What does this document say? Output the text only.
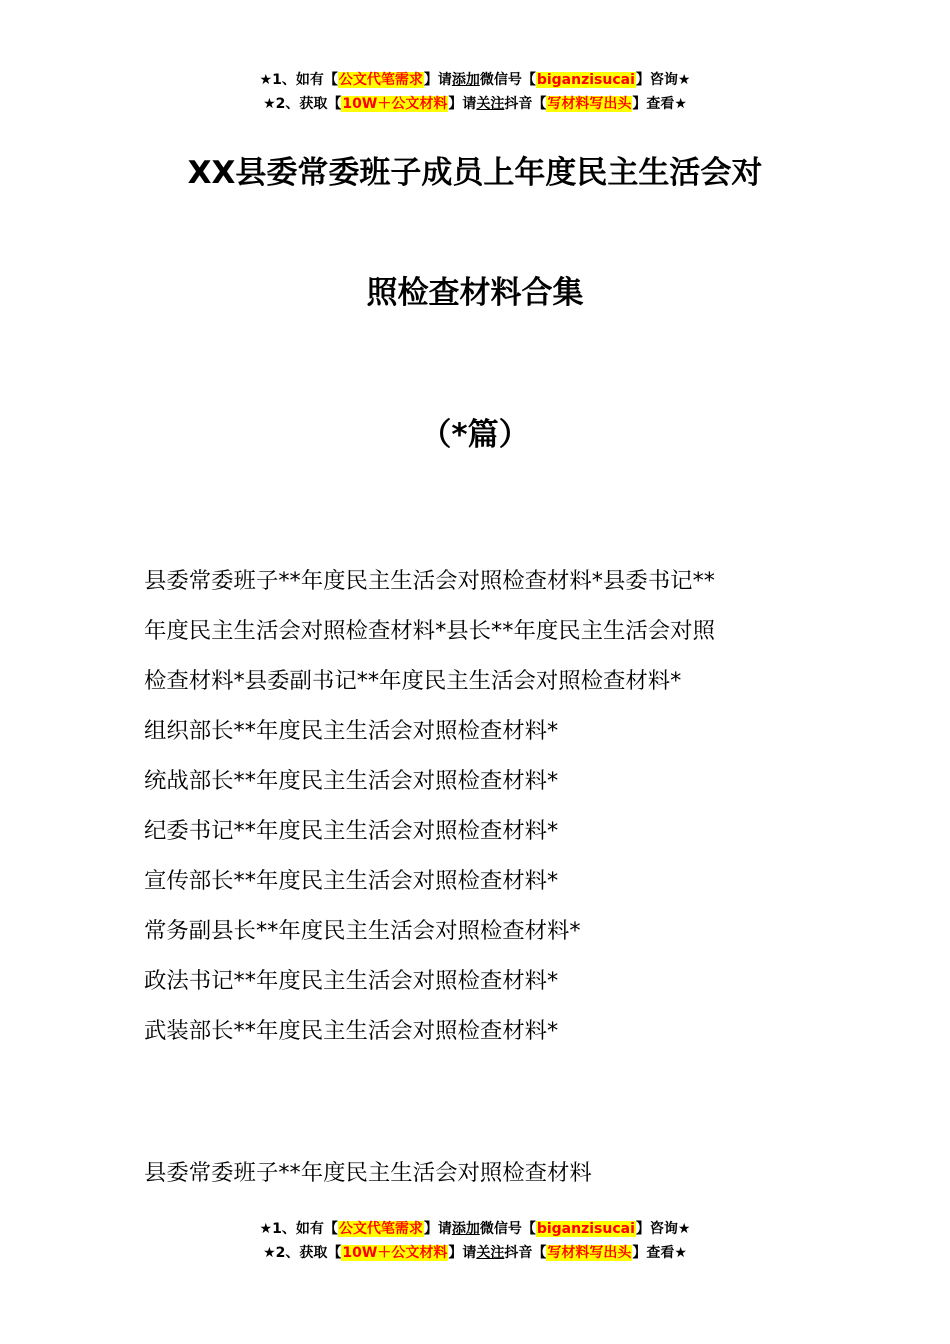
★1、如有【公文代笔需求】请添加微信号【biganzisucai】咨询★
★2、获取【10W＋公文材料】请关注抖音【写材料写出头】查看★
XX县委常委班子成员上年度民主生活会对
照检查材料合集
（*篇）
县委常委班子**年度民主生活会对照检查材料*县委书记**
年度民主生活会对照检查材料*县长**年度民主生活会对照
检查材料*县委副书记**年度民主生活会对照检查材料*
组织部长**年度民主生活会对照检查材料*
统战部长**年度民主生活会对照检查材料*
纪委书记**年度民主生活会对照检查材料*
宣传部长**年度民主生活会对照检查材料*
常务副县长**年度民主生活会对照检查材料*
政法书记**年度民主生活会对照检查材料*
武装部长**年度民主生活会对照检查材料*
县委常委班子**年度民主生活会对照检查材料
★1、如有【公文代笔需求】请添加微信号【biganzisucai】咨询★
★2、获取【10W＋公文材料】请关注抖音【写材料写出头】查看★
